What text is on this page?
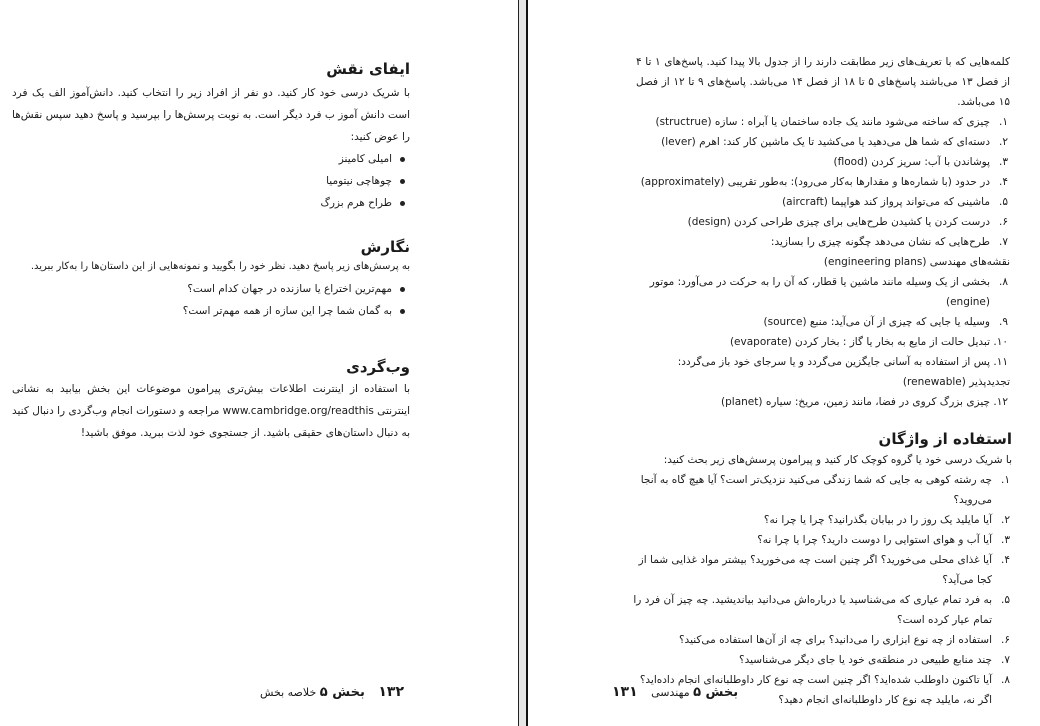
ایفای نقش

با شریک درسی خود کار کنید. دو نفر از افراد زیر را انتخاب کنید. دانش‌آموز الف یک فرد است دانش آموز ب فرد دیگر است. به نوبت پرسش‌ها را بپرسید و پاسخ دهید سپس نقش‌ها را عوض کنید:

امیلی کامینز
چوهاچی نیتومیا
طراح هرم بزرگ
نگارش

به پرسش‌های زیر پاسخ دهید. نظر خود را بگویید و نمونه‌هایی از این داستان‌ها را به‌کار ببرید.

مهم‌ترین اختراع یا سازنده در جهان کدام است؟
به گمان شما چرا این سازه از همه مهم‌تر است؟
وب‌گردی

با استفاده از اینترنت اطلاعات بیش‌تری پیرامون موضوعات این بخش بیابید به نشانی اینترنتی www.cambridge.org/readthis مراجعه و دستورات انجام وب‌گردی را دنبال کنید به دنبال داستان‌های حقیقی باشید. از جستجوی خود لذت ببرید. موفق باشید!

۱۳۲ بخش ۵ خلاصه بخش

کلمه‌هایی که با تعریف‌های زیر مطابقت دارند را از جدول بالا پیدا کنید. پاسخ‌های ۱ تا ۴ از فصل ۱۳ می‌باشند پاسخ‌های ۵ تا ۱۸ از فصل ۱۴ می‌باشد. پاسخ‌های ۹ تا ۱۲ از فصل ۱۵ می‌باشد.

۱.
چیزی که ساخته می‌شود مانند یک جاده ساختمان یا آبراه : سازه (structrue)
۲.
دسته‌ای که شما هل می‌دهید یا می‌کشید تا یک ماشین کار کند: اهرم (lever)
۳.
پوشاندن با آب: سریز کردن (flood)
۴.
در حدود (با شماره‌ها و مقدارها به‌کار می‌رود): به‌طور تقریبی (approximately)
۵.
ماشینی که می‌تواند پرواز کند هواپیما (aircraft)
۶.
درست کردن یا کشیدن طرح‌هایی برای چیزی طراحی کردن (design)
۷.
طرح‌هایی که نشان می‌دهد چگونه چیزی را بسازید:
نقشه‌های مهندسی (engineering plans)
۸.
بخشی از یک وسیله مانند ماشین یا قطار، که آن را به حرکت در می‌آورد: موتور (engine)
۹.
وسیله یا جایی که چیزی از آن می‌آید: منبع (source)
۱۰.
تبدیل حالت از مایع به بخار یا گاز : بخار کردن (evaporate)
۱۱.
پس از استفاده به آسانی جایگزین می‌گردد و یا سرجای خود باز می‌گردد:
تجدیدپذیر (renewable)
۱۲.
چیزی بزرگ کروی در فضا، مانند زمین، مریخ: سیاره (planet)
استفاده از واژگان

با شریک درسی خود یا گروه کوچک کار کنید و پیرامون پرسش‌های زیر بحث کنید:

۱.
چه رشته کوهی به جایی که شما زندگی می‌کنید نزدیک‌تر است؟ آیا هیچ گاه به آنجا می‌روید؟
۲.
آیا مایلید یک روز را در بیابان بگذرانید؟ چرا یا چرا نه؟
۳.
آیا آب و هوای استوایی را دوست دارید؟ چرا یا چرا نه؟
۴.
آیا غذای محلی می‌خورید؟ اگر چنین است چه می‌خورید؟ بیشتر مواد غذایی شما از کجا می‌آید؟
۵.
به فرد تمام عیاری که می‌شناسید یا درباره‌اش می‌دانید بیاندیشید. چه چیز آن فرد را تمام عیار کرده است؟
۶.
استفاده از چه نوع ابزاری را می‌دانید؟ برای چه از آن‌ها استفاده می‌کنید؟
۷.
چند منابع طبیعی در منطقه‌ی خود یا جای دیگر می‌شناسید؟
۸.
آیا تاکنون داوطلب شده‌اید؟ اگر چنین است چه نوع کار داوطلبانه‌ای انجام داده‌اید؟ اگر نه، مایلید چه نوع کار داوطلبانه‌ای انجام دهید؟
بخش ۵ مهندسی ۱۳۱
